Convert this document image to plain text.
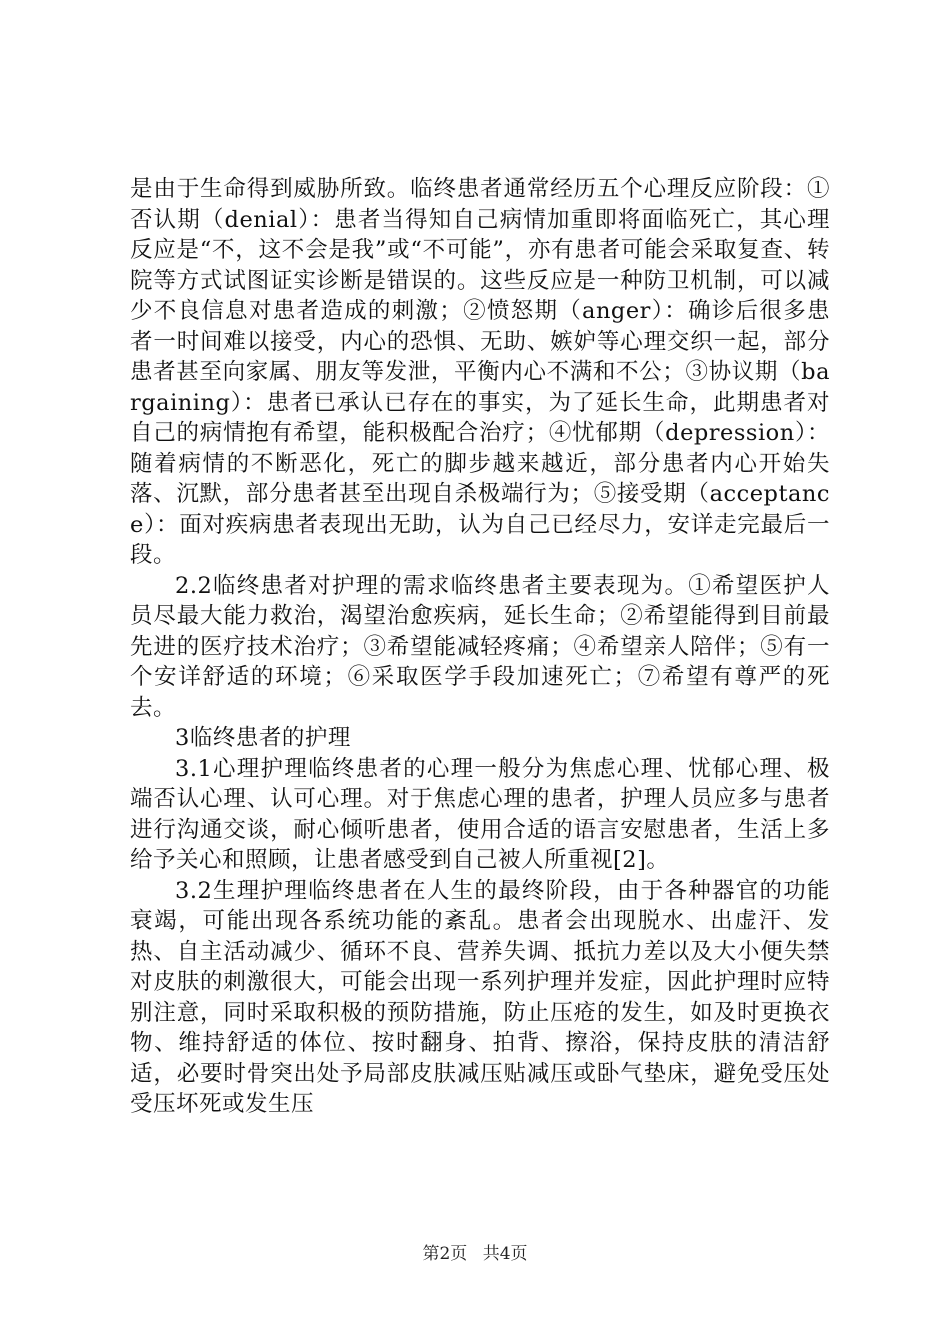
是由于生命得到威胁所致。临终患者通常经历五个心理反应阶段：①否认期（denial）：患者当得知自己病情加重即将面临死亡，其心理反应是“不，这不会是我”或“不可能”，亦有患者可能会采取复查、转院等方式试图证实诊断是错误的。这些反应是一种防卫机制，可以减少不良信息对患者造成的刺激；②愤怒期（anger）：确诊后很多患者一时间难以接受，内心的恐惧、无助、嫉妒等心理交织一起，部分患者甚至向家属、朋友等发泄，平衡内心不满和不公；③协议期（bargaining）：患者已承认已存在的事实，为了延长生命，此期患者对自己的病情抱有希望，能积极配合治疗；④忧郁期（depression）：随着病情的不断恶化，死亡的脚步越来越近，部分患者内心开始失落、沉默，部分患者甚至出现自杀极端行为；⑤接受期（acceptance）：面对疾病患者表现出无助，认为自己已经尽力，安详走完最后一段。

2.2临终患者对护理的需求临终患者主要表现为。①希望医护人员尽最大能力救治，渴望治愈疾病，延长生命；②希望能得到目前最先进的医疗技术治疗；③希望能减轻疼痛；④希望亲人陪伴；⑤有一个安详舒适的环境；⑥采取医学手段加速死亡；⑦希望有尊严的死去。

3临终患者的护理

3.1心理护理临终患者的心理一般分为焦虑心理、忧郁心理、极端否认心理、认可心理。对于焦虑心理的患者，护理人员应多与患者进行沟通交谈，耐心倾听患者，使用合适的语言安慰患者，生活上多给予关心和照顾，让患者感受到自己被人所重视[2]。

3.2生理护理临终患者在人生的最终阶段，由于各种器官的功能衰竭，可能出现各系统功能的紊乱。患者会出现脱水、出虚汗、发热、自主活动减少、循环不良、营养失调、抵抗力差以及大小便失禁对皮肤的刺激很大，可能会出现一系列护理并发症，因此护理时应特别注意，同时采取积极的预防措施，防止压疮的发生，如及时更换衣物、维持舒适的体位、按时翻身、拍背、擦浴，保持皮肤的清洁舒适，必要时骨突出处予局部皮肤减压贴减压或卧气垫床，避免受压处受压坏死或发生压

第2页 共4页
